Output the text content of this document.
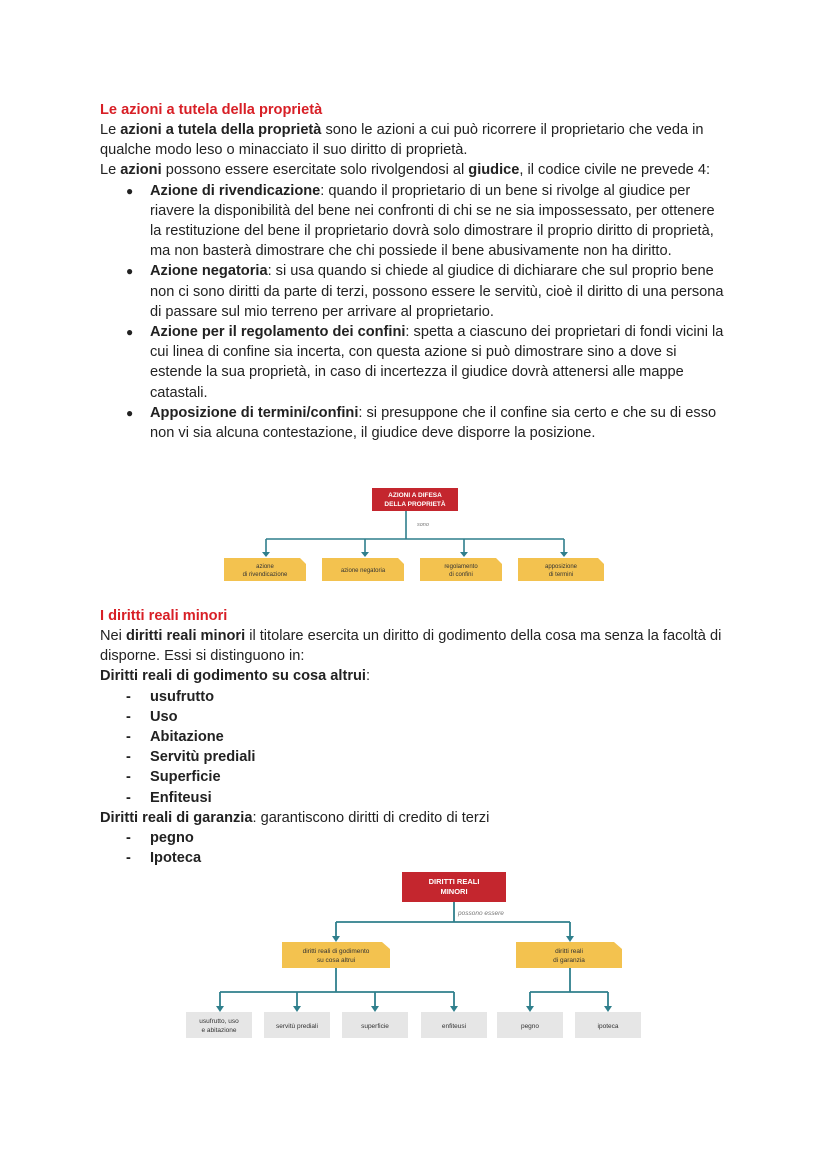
Le azioni a tutela della proprietà

Le azioni a tutela della proprietà sono le azioni a cui può ricorrere il proprietario che veda in qualche modo leso o minacciato il suo diritto di proprietà.

Le azioni possono essere esercitate solo rivolgendosi al giudice, il codice civile ne prevede 4:

● Azione di rivendicazione: quando il proprietario di un bene si rivolge al giudice per riavere la disponibilità del bene nei confronti di chi se ne sia impossessato, per ottenere la restituzione del bene il proprietario dovrà solo dimostrare il proprio diritto di proprietà, ma non basterà dimostrare che chi possiede il bene abusivamente non ha diritto.
● Azione negatoria: si usa quando si chiede al giudice di dichiarare che sul proprio bene non ci sono diritti da parte di terzi, possono essere le servitù, cioè il diritto di una persona di passare sul mio terreno per arrivare al proprietario.
● Azione per il regolamento dei confini: spetta a ciascuno dei proprietari di fondi vicini la cui linea di confine sia incerta, con questa azione si può dimostrare sino a dove si estende la sua proprietà, in caso di incertezza il giudice dovrà attenersi alle mappe catastali.
● Apposizione di termini/confini: si presuppone che il confine sia certo e che su di esso non vi sia alcuna contestazione, il giudice deve disporre la posizione.
AZIONI A DIFESA
DELLA PROPRIETÀ
sono
azione
di rivendicazione
azione negatoria
regolamento
di confini
apposizione
di termini

I diritti reali minori

Nei diritti reali minori il titolare esercita un diritto di godimento della cosa ma senza la facoltà di disporne. Essi si distinguono in:

Diritti reali di godimento su cosa altrui:

- usufrutto
- Uso
- Abitazione
- Servitù prediali
- Superficie
- Enfiteusi

Diritti reali di garanzia: garantiscono diritti di credito di terzi

- pegno
- Ipoteca
DIRITTI REALI
MINORI
possono essere
diritti reali di godimento
su cosa altrui
diritti reali
di garanzia
usufrutto, uso
e abitazione
servitù prediali	superficie	enfiteusi	pegno	ipoteca
